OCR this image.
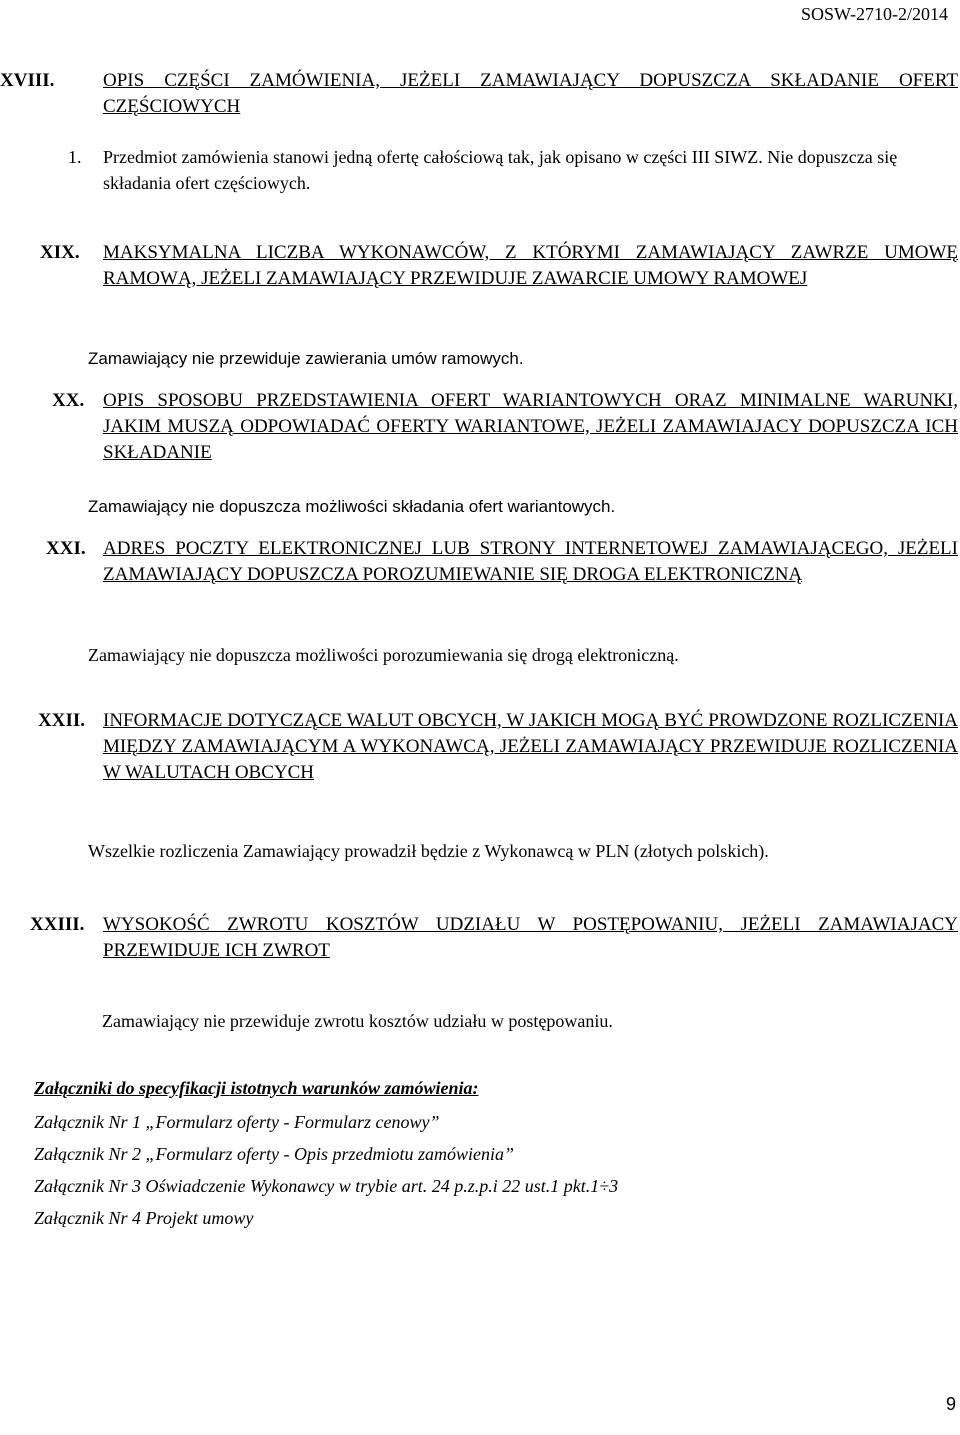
SOSW-2710-2/2014
XVIII.	OPIS CZĘŚCI ZAMÓWIENIA, JEŻELI ZAMAWIAJĄCY DOPUSZCZA SKŁADANIE OFERT CZĘŚCIOWYCH
1. Przedmiot zamówienia stanowi jedną ofertę całościową tak, jak opisano w części III SIWZ. Nie dopuszcza się składania ofert częściowych.
XIX. MAKSYMALNA LICZBA WYKONAWCÓW, Z KTÓRYMI ZAMAWIAJĄCY ZAWRZE UMOWĘ RAMOWĄ, JEŻELI ZAMAWIAJĄCY PRZEWIDUJE ZAWARCIE UMOWY RAMOWEJ
Zamawiający nie przewiduje zawierania umów ramowych.
XX. OPIS SPOSOBU PRZEDSTAWIENIA OFERT WARIANTOWYCH ORAZ MINIMALNE WARUNKI, JAKIM MUSZĄ ODPOWIADAĆ OFERTY WARIANTOWE, JEŻELI ZAMAWIAJACY DOPUSZCZA ICH SKŁADANIE
Zamawiający nie dopuszcza możliwości składania ofert wariantowych.
XXI. ADRES POCZTY ELEKTRONICZNEJ LUB STRONY INTERNETOWEJ ZAMAWIAJĄCEGO, JEŻELI ZAMAWIAJĄCY DOPUSZCZA POROZUMIEWANIE SIĘ DROGA ELEKTRONICZNĄ
Zamawiający nie dopuszcza możliwości porozumiewania się drogą elektroniczną.
XXII. INFORMACJE DOTYCZĄCE WALUT OBCYCH, W JAKICH MOGĄ BYĆ PROWDZONE ROZLICZENIA MIĘDZY ZAMAWIAJĄCYM A WYKONAWCĄ, JEŻELI ZAMAWIAJĄCY PRZEWIDUJE ROZLICZENIA W WALUTACH OBCYCH
Wszelkie rozliczenia Zamawiający prowadził będzie z Wykonawcą w PLN (złotych polskich).
XXIII. WYSOKOŚĆ ZWROTU KOSZTÓW UDZIAŁU W POSTĘPOWANIU, JEŻELI ZAMAWIAJACY PRZEWIDUJE ICH ZWROT
Zamawiający nie przewiduje zwrotu kosztów udziału w postępowaniu.
Załączniki do specyfikacji istotnych warunków zamówienia:
Załącznik Nr 1 „Formularz oferty - Formularz cenowy”
Załącznik Nr 2 „Formularz oferty - Opis przedmiotu zamówienia”
Załącznik Nr 3 Oświadczenie Wykonawcy w trybie art. 24 p.z.p.i 22 ust.1 pkt.1÷3
Załącznik Nr 4 Projekt umowy
9
